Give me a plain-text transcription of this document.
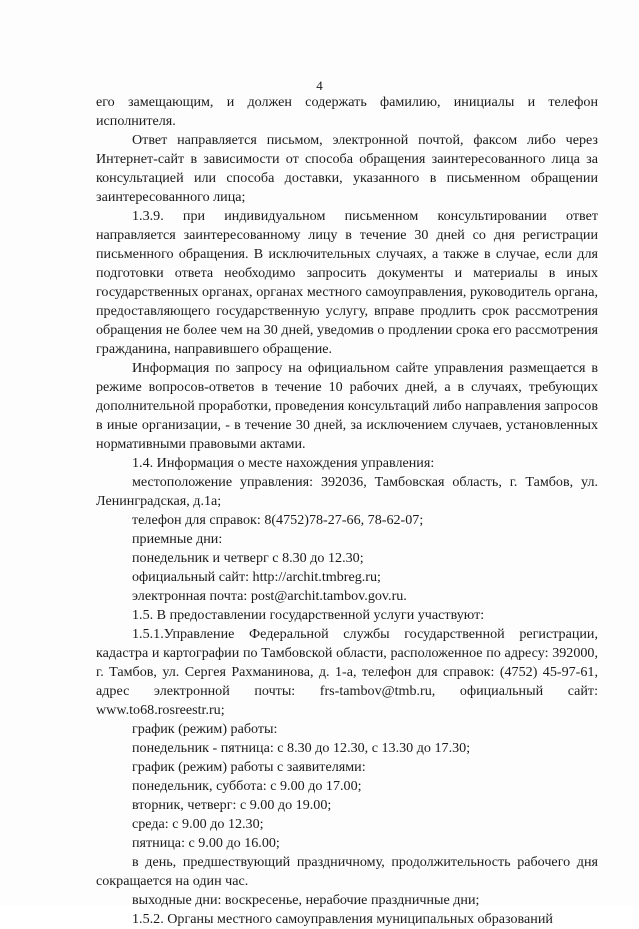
4

его замещающим, и должен содержать фамилию, инициалы и телефон исполнителя.

Ответ направляется письмом, электронной почтой, факсом либо через Интернет-сайт в зависимости от способа обращения заинтересованного лица за консультацией или способа доставки, указанного в письменном обращении заинтересованного лица;

1.3.9. при индивидуальном письменном консультировании ответ направляется заинтересованному лицу в течение 30 дней со дня регистрации письменного обращения. В исключительных случаях, а также в случае, если для подготовки ответа необходимо запросить документы и материалы в иных государственных органах, органах местного самоуправления, руководитель органа, предоставляющего государственную услугу, вправе продлить срок рассмотрения обращения не более чем на 30 дней, уведомив о продлении срока его рассмотрения гражданина, направившего обращение.

Информация по запросу на официальном сайте управления размещается в режиме вопросов-ответов в течение 10 рабочих дней, а в случаях, требующих дополнительной проработки, проведения консультаций либо направления запросов в иные организации, - в течение 30 дней, за исключением случаев, установленных нормативными правовыми актами.

1.4. Информация о месте нахождения управления:

местоположение управления: 392036, Тамбовская область, г. Тамбов, ул. Ленинградская, д.1а;

телефон для справок: 8(4752)78-27-66, 78-62-07;

приемные дни:

понедельник и четверг с 8.30 до 12.30;

официальный сайт: http://archit.tmbreg.ru;

электронная почта: post@archit.tambov.gov.ru.

1.5. В предоставлении государственной услуги участвуют:

1.5.1.Управление Федеральной службы государственной регистрации, кадастра и картографии по Тамбовской области, расположенное по адресу: 392000, г. Тамбов, ул. Сергея Рахманинова, д. 1-а, телефон для справок: (4752) 45-97-61, адрес электронной почты: frs-tambov@tmb.ru, официальный сайт: www.to68.rosreestr.ru;

график (режим) работы:

понедельник - пятница: с 8.30 до 12.30, с 13.30 до 17.30;

график (режим) работы с заявителями:

понедельник, суббота: с 9.00 до 17.00;

вторник, четверг: с 9.00 до 19.00;

среда: с 9.00 до 12.30;

пятница: с 9.00 до 16.00;

в день, предшествующий праздничному, продолжительность рабочего дня сокращается на один час.

выходные дни: воскресенье, нерабочие праздничные дни;

1.5.2. Органы местного самоуправления муниципальных образований
